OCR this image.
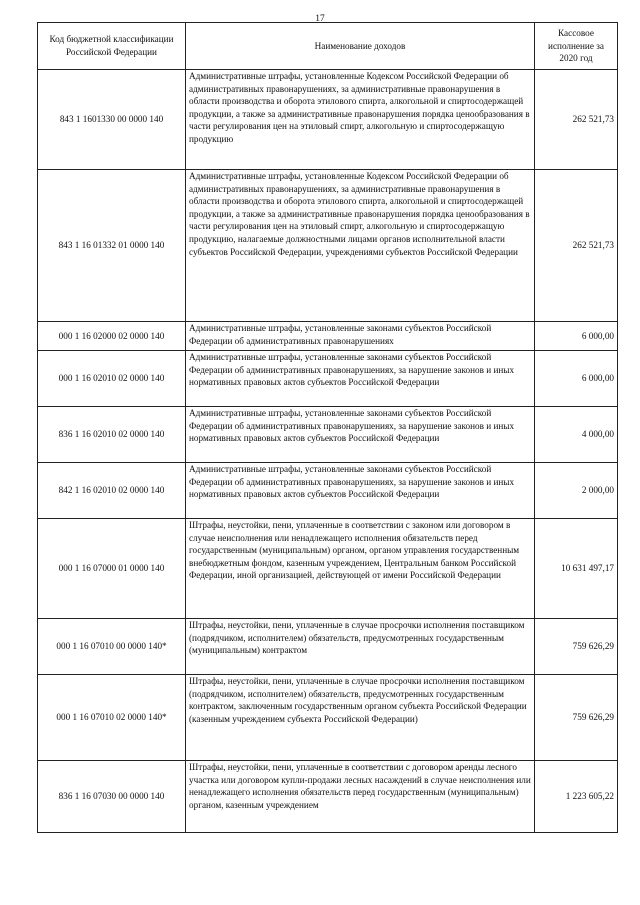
17
Код бюджетной классификации Российской Федерации	Наименование доходов	Кассовое исполнение за 2020 год
843 1 1601330 00 0000 140	Административные штрафы, установленные Кодексом Российской Федерации об административных правонарушениях, за административные правонарушения в области производства и оборота этилового спирта, алкогольной и спиртосодержащей продукции, а также за административные правонарушения порядка ценообразования в части регулирования цен на этиловый спирт, алкогольную и спиртосодержащую продукцию	262 521,73
843 1 16 01332 01 0000 140	Административные штрафы, установленные Кодексом Российской Федерации об административных правонарушениях, за административные правонарушения в области производства и оборота этилового спирта, алкогольной и спиртосодержащей продукции, а также за административные правонарушения порядка ценообразования в части регулирования цен на этиловый спирт, алкогольную и спиртосодержащую продукцию, налагаемые должностными лицами органов исполнительной власти субъектов Российской Федерации, учреждениями субъектов Российской Федерации	262 521,73
000 1 16 02000 02 0000 140	Административные штрафы, установленные законами субъектов Российской Федерации об административных правонарушениях	6 000,00
000 1 16 02010 02 0000 140	Административные штрафы, установленные законами субъектов Российской Федерации об административных правонарушениях, за нарушение законов и иных нормативных правовых актов субъектов Российской Федерации	6 000,00
836 1 16 02010 02 0000 140	Административные штрафы, установленные законами субъектов Российской Федерации об административных правонарушениях, за нарушение законов и иных нормативных правовых актов субъектов Российской Федерации	4 000,00
842 1 16 02010 02 0000 140	Административные штрафы, установленные законами субъектов Российской Федерации об административных правонарушениях, за нарушение законов и иных нормативных правовых актов субъектов Российской Федерации	2 000,00
000 1 16 07000 01 0000 140	Штрафы, неустойки, пени, уплаченные в соответствии с законом или договором в случае неисполнения или ненадлежащего исполнения обязательств перед государственным (муниципальным) органом, органом управления государственным внебюджетным фондом, казенным учреждением, Центральным банком Российской Федерации, иной организацией, действующей от имени Российской Федерации	10 631 497,17
000 1 16 07010 00 0000 140*	Штрафы, неустойки, пени, уплаченные в случае просрочки исполнения поставщиком (подрядчиком, исполнителем) обязательств, предусмотренных государственным (муниципальным) контрактом	759 626,29
000 1 16 07010 02 0000 140*	Штрафы, неустойки, пени, уплаченные в случае просрочки исполнения поставщиком (подрядчиком, исполнителем) обязательств, предусмотренных государственным контрактом, заключенным государственным органом субъекта Российской Федерации (казенным учреждением субъекта Российской Федерации)	759 626,29
836 1 16 07030 00 0000 140	Штрафы, неустойки, пени, уплаченные в соответствии с договором аренды лесного участка или договором купли-продажи лесных насаждений в случае неисполнения или ненадлежащего исполнения обязательств перед государственным (муниципальным) органом, казенным учреждением	1 223 605,22
